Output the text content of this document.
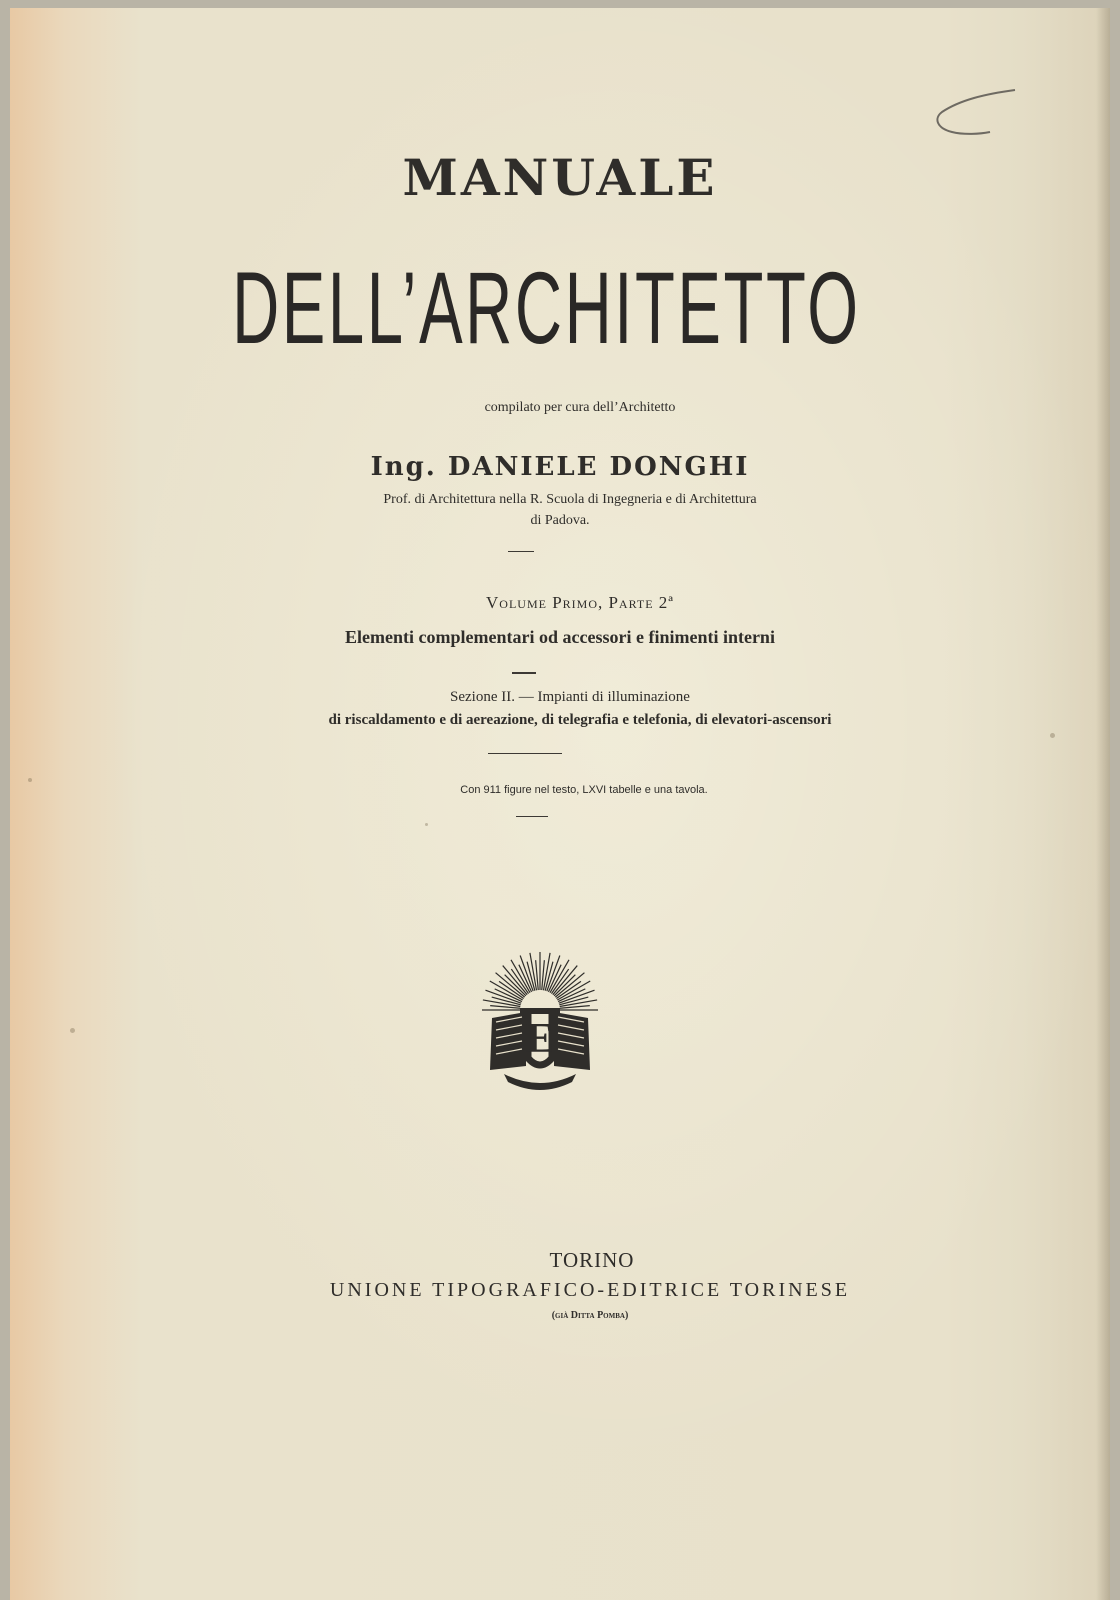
MANUALE

DELL’ARCHITETTO

compilato per cura dell’Architetto

Ing. DANIELE DONGHI

Prof. di Architettura nella R. Scuola di Ingegneria e di Architettura

di Padova.

Volume Primo, Parte 2ª

Elementi complementari od accessori e finimenti interni

Sezione II. — Impianti di illuminazione

di riscaldamento e di aereazione, di telegrafia e telefonia, di elevatori-ascensori

Con 911 figure nel testo, LXVI tabelle e una tavola.

E

TORINO

UNIONE TIPOGRAFICO-EDITRICE TORINESE

(già Ditta Pomba)
